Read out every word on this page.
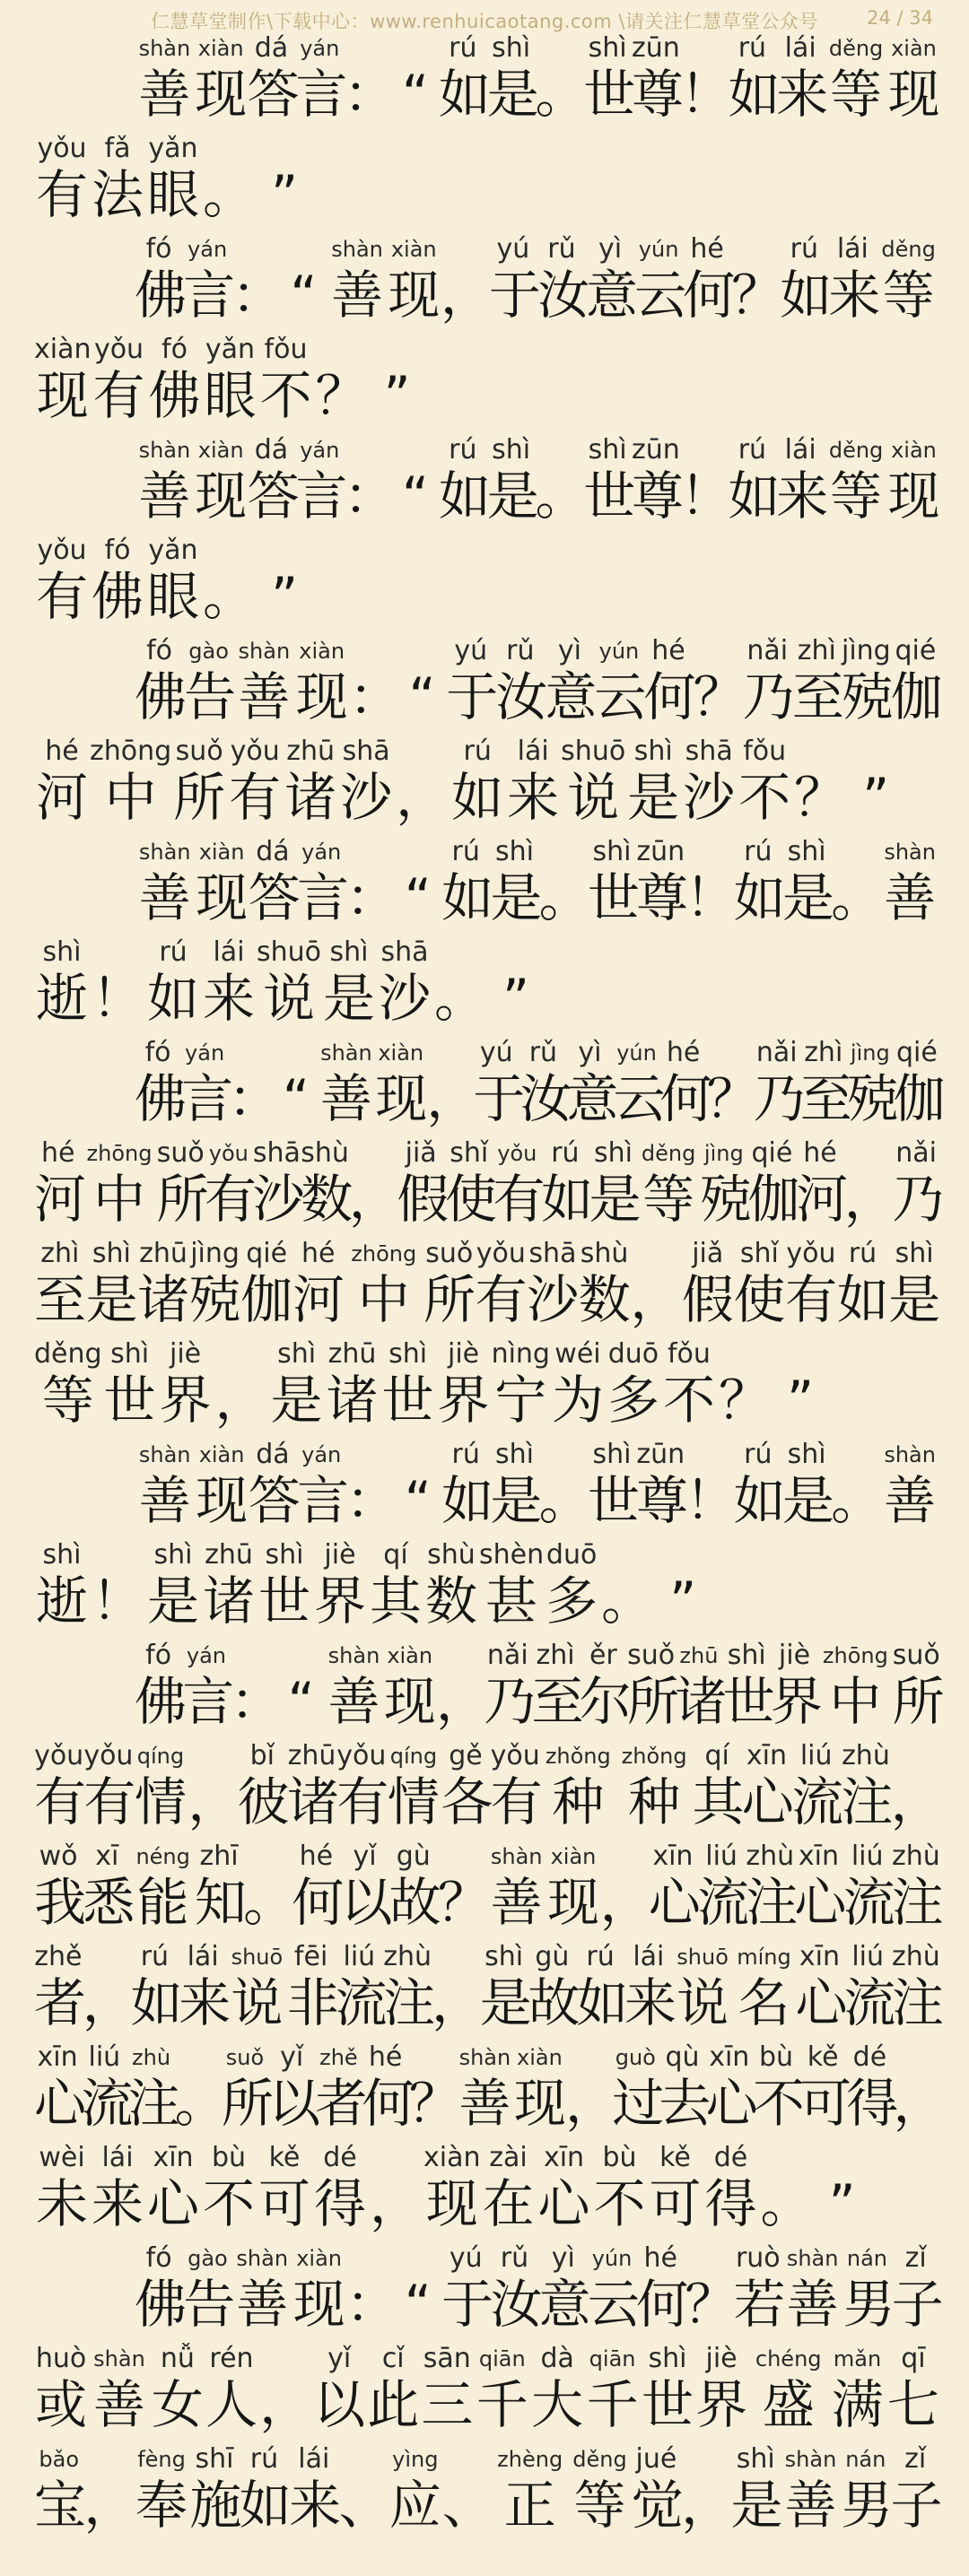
仁慧草堂制作\下载中心：www.renhuicaotang.com \请关注仁慧草堂公众号	24 / 34
shàn
善
xiàn
现
dá
答
yán
言
： “
rú
如
shì
是
。
shì
世
zūn
尊
！
rú
如
lái
来
děng
等
xiàn
现
yǒu
有
fǎ
法
yǎn
眼 。 ”
fó
佛
yán
言
： “
shàn
善
xiàn
现 ，
yú
于
rǔ
汝
yì
意
yún
云
hé
何
？
rú
如
lái
来
děng
等
xiàn
现
yǒu
有
fó
佛
yǎn
眼
fǒu
不 ？ ”
shàn
善
xiàn
现
dá
答
yán
言
： “
rú
如
shì
是
。
shì
世
zūn
尊
！
rú
如
lái
来
děng
等
xiàn
现
yǒu
有
fó
佛
yǎn
眼 。 ”
fó
佛
gào
告
shàn
善
xiàn
现 ： “
yú
于
rǔ
汝
yì
意
yún
云
hé
何
？
nǎi
乃
zhì
至
jìng
殑
qié
伽
hé
河
zhōng
中
suǒ
所
yǒu
有
zhū
诸
shā
沙 ，
rú
如
lái
来
shuō
说
shì
是
shā
沙
fǒu
不 ？ ”
shàn
善
xiàn
现
dá
答
yán
言
： “
rú
如
shì
是
。
shì
世
zūn
尊
！
rú
如
shì
是
。
shàn
善
shì
逝 ！
rú
如
lái
来
shuō
说
shì
是
shā
沙 。 ”
fó
佛
yán
言
： “
shàn
善
xiàn
现
，
yú
于
rǔ
汝
yì
意
yún
云
hé
何
？
nǎi
乃
zhì
至
jìng
殑
qié
伽
hé
河
zhōng
中
suǒ
所
yǒu
有
shā
沙
shù
数
，
jiǎ
假
shǐ
使
yǒu
有
rú
如
shì
是
děng
等
jìng
殑
qié
伽
hé
河
，
nǎi
乃
zhì
至
shì
是
zhū
诸
jìng
殑
qié
伽
hé
河
zhōng
中
suǒ
所
yǒu
有
shā
沙
shù
数 ，
jiǎ
假
shǐ
使
yǒu
有
rú
如
shì
是
děng
等
shì
世
jiè
界 ，
shì
是
zhū
诸
shì
世
jiè
界
nìng
宁
wéi
为
duō
多
fǒu
不 ？ ”
shàn
善
xiàn
现
dá
答
yán
言
： “
rú
如
shì
是
。
shì
世
zūn
尊
！
rú
如
shì
是
。
shàn
善
shì
逝 ！
shì
是
zhū
诸
shì
世
jiè
界
qí
其
shù
数
shèn
甚
duō
多 。 ”
fó
佛
yán
言
： “
shàn
善
xiàn
现 ，
nǎi
乃
zhì
至
ěr
尔
suǒ
所
zhū
诸
shì
世
jiè
界
zhōng
中
suǒ
所
yǒu
有
yǒu
有
qíng
情 ，
bǐ
彼
zhū
诸
yǒu
有
qíng
情
gě
各
yǒu
有
zhǒng
种
zhǒng
种
qí
其
xīn
心
liú
流
zhù
注
，
wǒ
我
xī
悉
néng
能
zhī
知
。
hé
何
yǐ
以
gù
故
？
shàn
善
xiàn
现 ，
xīn
心
liú
流
zhù
注
xīn
心
liú
流
zhù
注
zhě
者
，
rú
如
lái
来
shuō
说
fēi
非
liú
流
zhù
注
，
shì
是
gù
故
rú
如
lái
来
shuō
说
míng
名
xīn
心
liú
流
zhù
注
xīn
心
liú
流
zhù
注
。
suǒ
所
yǐ
以
zhě
者
hé
何
？
shàn
善
xiàn
现 ，
guò
过
qù
去
xīn
心
bù
不
kě
可
dé
得
，
wèi
未
lái
来
xīn
心
bù
不
kě
可
dé
得 ，
xiàn
现
zài
在
xīn
心
bù
不
kě
可
dé
得 。 ”
fó
佛
gào
告
shàn
善
xiàn
现 ： “
yú
于
rǔ
汝
yì
意
yún
云
hé
何
？
ruò
若
shàn
善
nán
男
zǐ
子
huò
或
shàn
善
nǚ
女
rén
人 ，
yǐ
以
cǐ
此
sān
三
qiān
千
dà
大
qiān
千
shì
世
jiè
界
chéng
盛
mǎn
满
qī
七
bǎo
宝
，
fèng
奉
shī
施
rú
如
lái
来
、
yìng
应 、
zhèng
正
děng
等
jué
觉
，
shì
是
shàn
善
nán
男
zǐ
子
